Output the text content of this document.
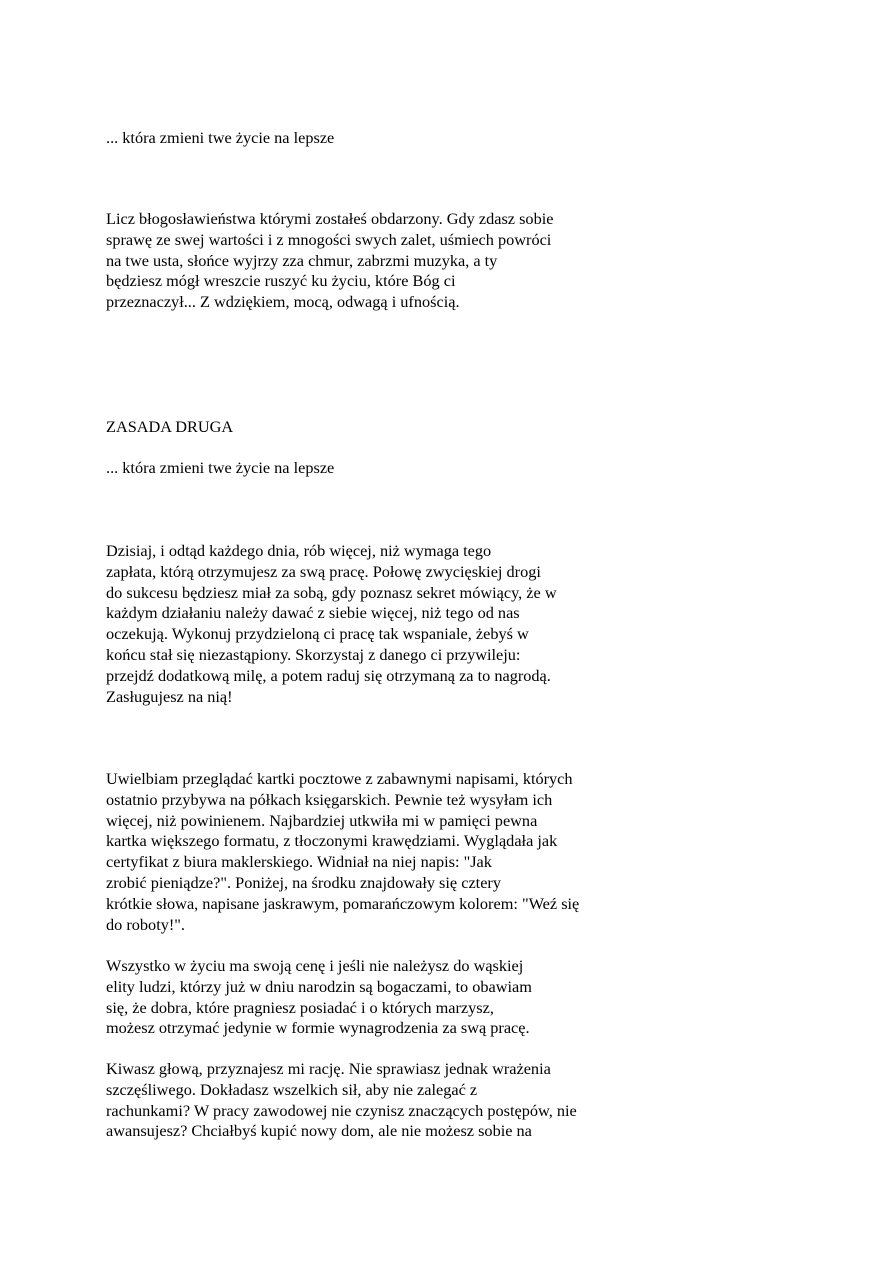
... która zmieni twe życie na lepsze

Licz błogosławieństwa którymi zostałeś obdarzony. Gdy zdasz sobie
sprawę ze swej wartości i z mnogości swych zalet, uśmiech powróci
na twe usta, słońce wyjrzy zza chmur, zabrzmi muzyka, a ty
będziesz mógł wreszcie ruszyć ku życiu, które Bóg ci
przeznaczył... Z wdziękiem, mocą, odwagą i ufnością.

ZASADA DRUGA

... która zmieni twe życie na lepsze

Dzisiaj, i odtąd każdego dnia, rób więcej, niż wymaga tego
zapłata, którą otrzymujesz za swą pracę. Połowę zwycięskiej drogi
do sukcesu będziesz miał za sobą, gdy poznasz sekret mówiący, że w
każdym działaniu należy dawać z siebie więcej, niż tego od nas
oczekują. Wykonuj przydzieloną ci pracę tak wspaniale, żebyś w
końcu stał się niezastąpiony. Skorzystaj z danego ci przywileju:
przejdź dodatkową milę, a potem raduj się otrzymaną za to nagrodą.
Zasługujesz na nią!

Uwielbiam przeglądać kartki pocztowe z zabawnymi napisami, których
ostatnio przybywa na półkach księgarskich. Pewnie też wysyłam ich
więcej, niż powinienem. Najbardziej utkwiła mi w pamięci pewna
kartka większego formatu, z tłoczonymi krawędziami. Wyglądała jak
certyfikat z biura maklerskiego. Widniał na niej napis: "Jak
zrobić pieniądze?". Poniżej, na środku znajdowały się cztery
krótkie słowa, napisane jaskrawym, pomarańczowym kolorem: "Weź się
do roboty!".

Wszystko w życiu ma swoją cenę i jeśli nie należysz do wąskiej
elity ludzi, którzy już w dniu narodzin są bogaczami, to obawiam
się, że dobra, które pragniesz posiadać i o których marzysz,
możesz otrzymać jedynie w formie wynagrodzenia za swą pracę.

Kiwasz głową, przyznajesz mi rację. Nie sprawiasz jednak wrażenia
szczęśliwego. Dokładasz wszelkich sił, aby nie zalegać z
rachunkami? W pracy zawodowej nie czynisz znaczących postępów, nie
awansujesz? Chciałbyś kupić nowy dom, ale nie możesz sobie na
